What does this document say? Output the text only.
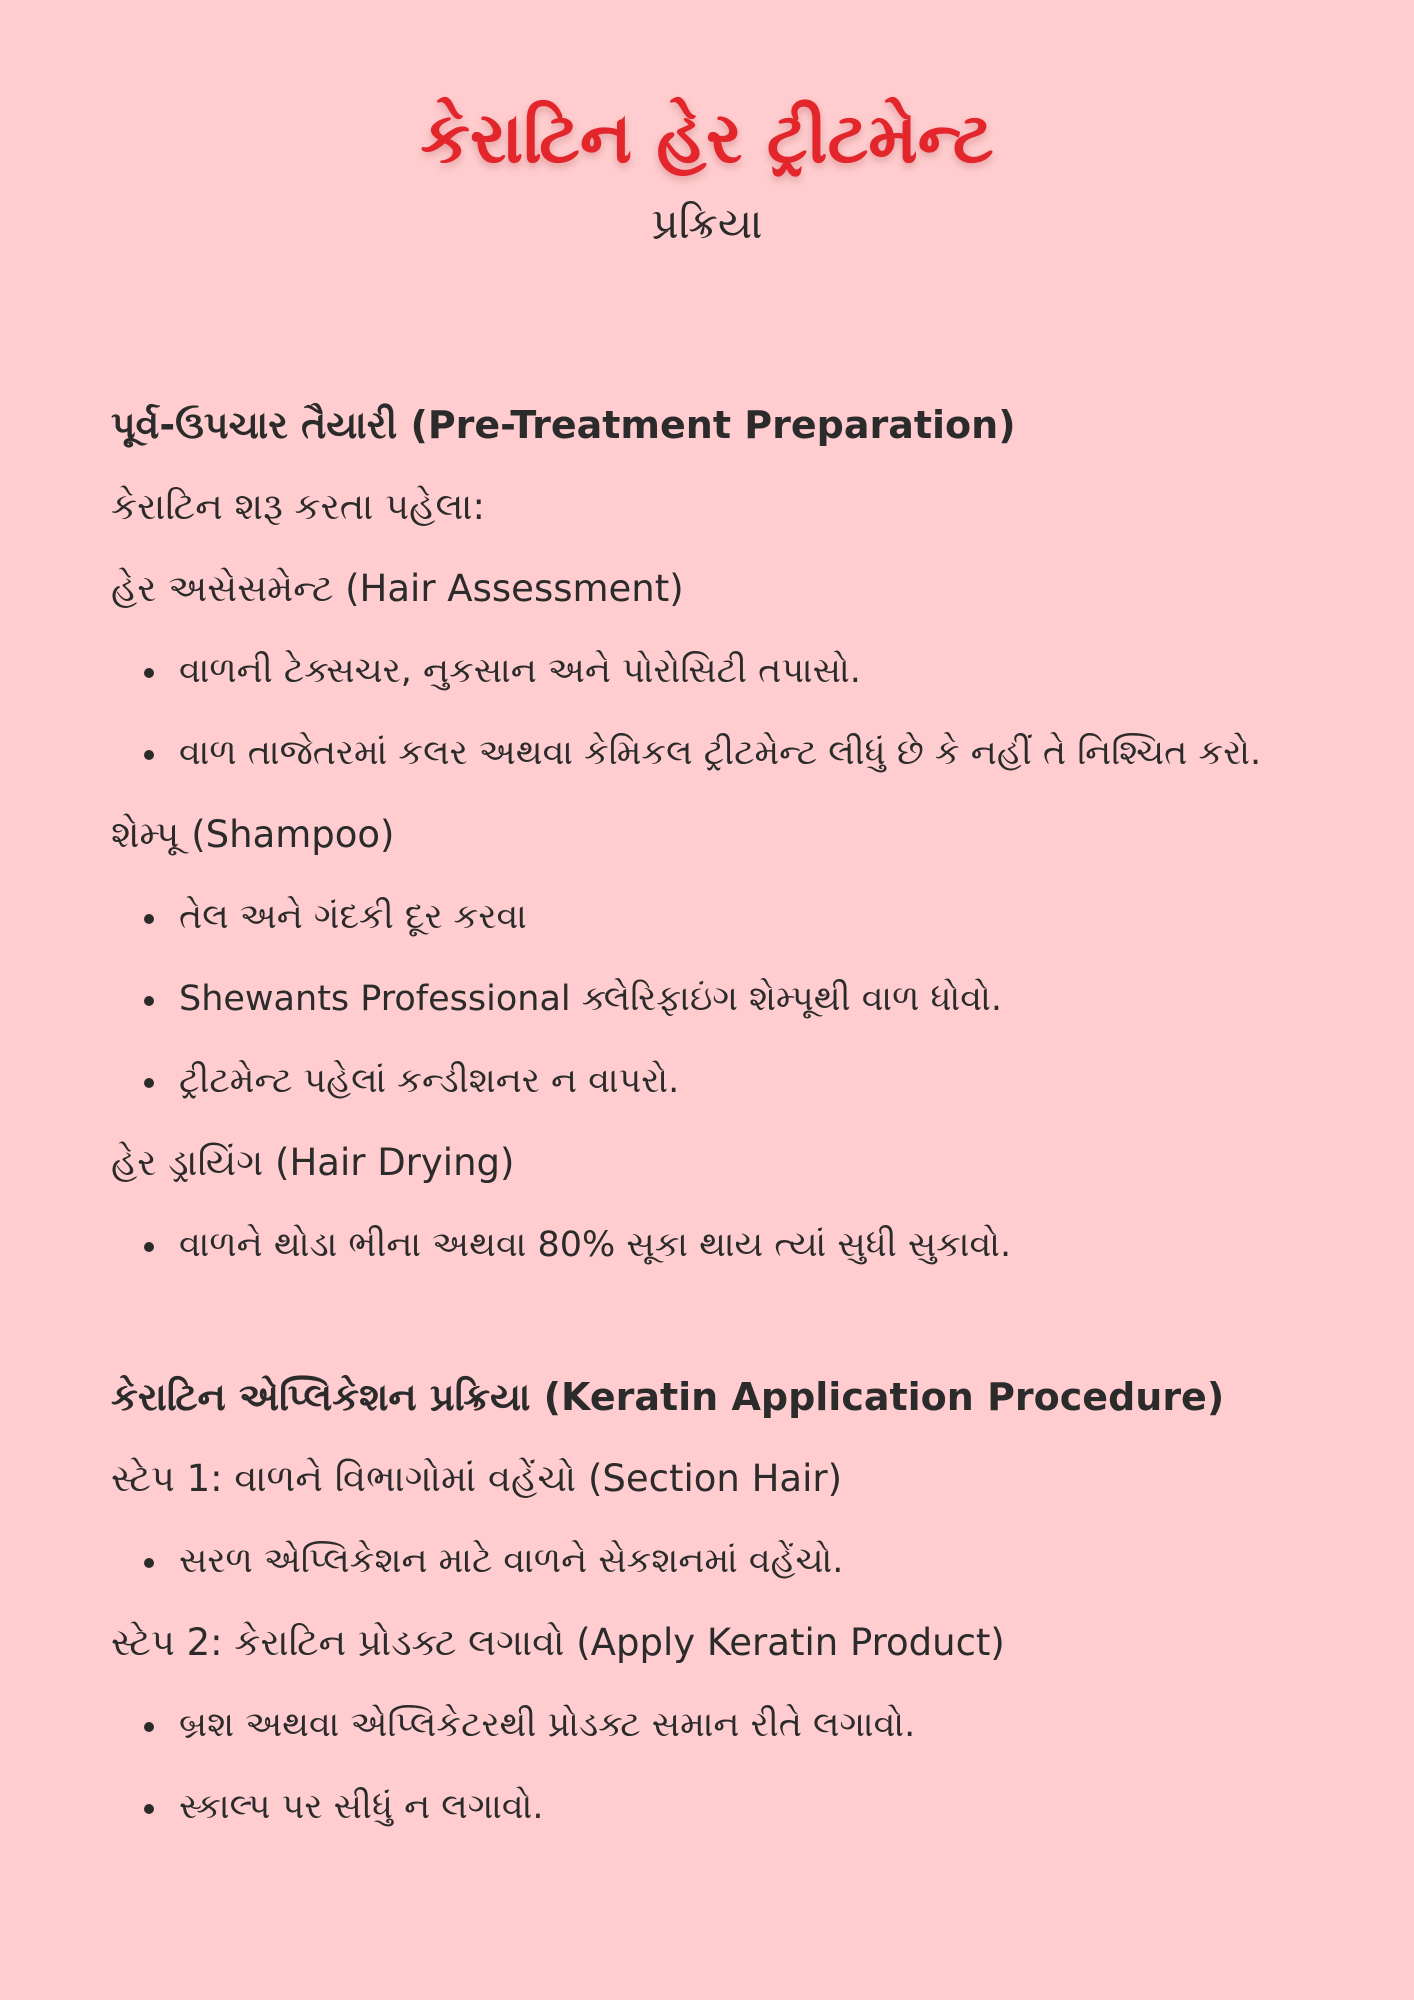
કેરાટિન હેર ટ્રીટમેન્ટ
પ્રક્રિયા
પૂર્વ-ઉપચાર તૈયારી (Pre-Treatment Preparation)

કેરાટિન શરૂ કરતા પહેલા:

હેર અસેસમેન્ટ (Hair Assessment)

વાળની ટેક્સચર, નુકસાન અને પોરોસિટી તપાસો.
વાળ તાજેતરમાં કલર અથવા કેમિકલ ટ્રીટમેન્ટ લીધું છે કે નહીં તે નિશ્ચિત કરો.

શેમ્પૂ (Shampoo)

તેલ અને ગંદકી દૂર કરવા
Shewants Professional ક્લેરિફાઇંગ શેમ્પૂથી વાળ ધોવો.
ટ્રીટમેન્ટ પહેલાં કન્ડીશનર ન વાપરો.

હેર ડ્રાયિંગ (Hair Drying)

વાળને થોડા ભીના અથવા 80% સૂકા થાય ત્યાં સુધી સુકાવો.
કેરાટિન એપ્લિકેશન પ્રક્રિયા (Keratin Application Procedure)

સ્ટેપ 1: વાળને વિભાગોમાં વહેંચો (Section Hair)

સરળ એપ્લિકેશન માટે વાળને સેકશનમાં વહેંચો.

સ્ટેપ 2: કેરાટિન પ્રોડક્ટ લગાવો (Apply Keratin Product)

બ્રશ અથવા એપ્લિકેટરથી પ્રોડક્ટ સમાન રીતે લગાવો.
સ્કાલ્પ પર સીધું ન લગાવો.
